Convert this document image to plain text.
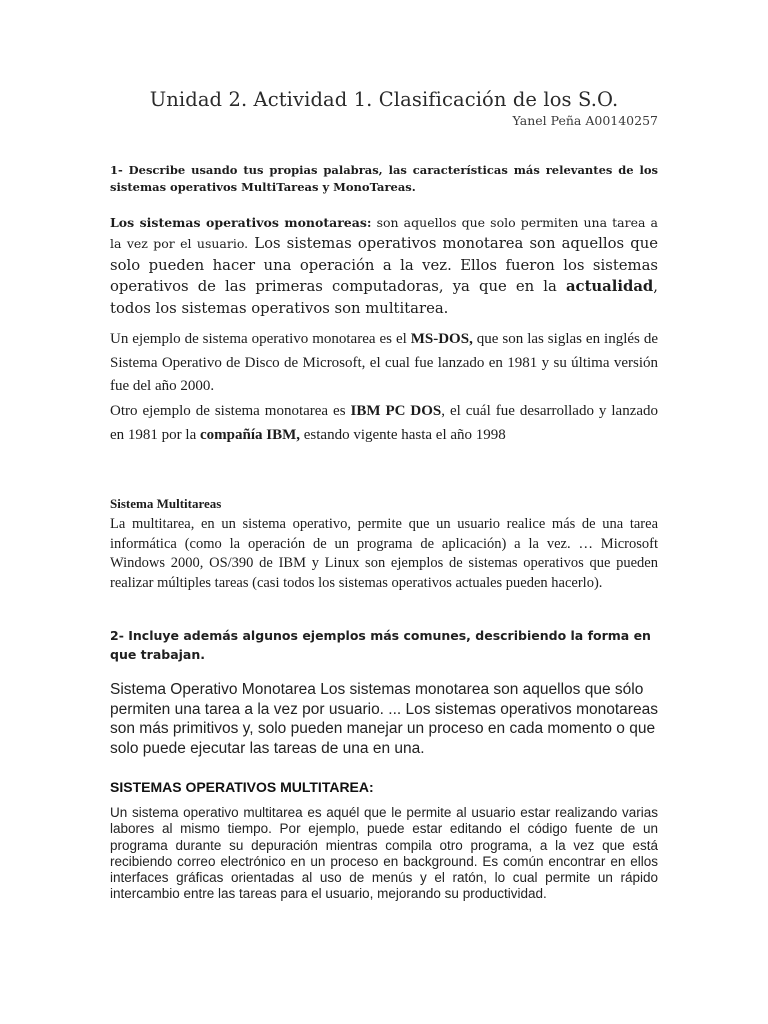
Unidad 2. Actividad 1. Clasificación de los S.O.
Yanel Peña A00140257
1- Describe usando tus propias palabras, las características más relevantes de los sistemas operativos MultiTareas y MonoTareas.
Los sistemas operativos monotareas: son aquellos que solo permiten una tarea a la vez por el usuario. Los sistemas operativos monotarea son aquellos que solo pueden hacer una operación a la vez. Ellos fueron los sistemas operativos de las primeras computadoras, ya que en la actualidad, todos los sistemas operativos son multitarea.
Un ejemplo de sistema operativo monotarea es el MS-DOS, que son las siglas en inglés de Sistema Operativo de Disco de Microsoft, el cual fue lanzado en 1981 y su última versión fue del año 2000.
Otro ejemplo de sistema monotarea es IBM PC DOS, el cuál fue desarrollado y lanzado en 1981 por la compañía IBM, estando vigente hasta el año 1998
Sistema Multitareas
La multitarea, en un sistema operativo, permite que un usuario realice más de una tarea informática (como la operación de un programa de aplicación) a la vez. … Microsoft Windows 2000, OS/390 de IBM y Linux son ejemplos de sistemas operativos que pueden realizar múltiples tareas (casi todos los sistemas operativos actuales pueden hacerlo).
2- Incluye además algunos ejemplos más comunes, describiendo la forma en que trabajan.
Sistema Operativo Monotarea Los sistemas monotarea son aquellos que sólo permiten una tarea a la vez por usuario. ... Los sistemas operativos monotareas son más primitivos y, solo pueden manejar un proceso en cada momento o que solo puede ejecutar las tareas de una en una.
SISTEMAS OPERATIVOS MULTITAREA:
Un sistema operativo multitarea es aquél que le permite al usuario estar realizando varias labores al mismo tiempo. Por ejemplo, puede estar editando el código fuente de un programa durante su depuración mientras compila otro programa, a la vez que está recibiendo correo electrónico en un proceso en background. Es común encontrar en ellos interfaces gráficas orientadas al uso de menús y el ratón, lo cual permite un rápido intercambio entre las tareas para el usuario, mejorando su productividad.
